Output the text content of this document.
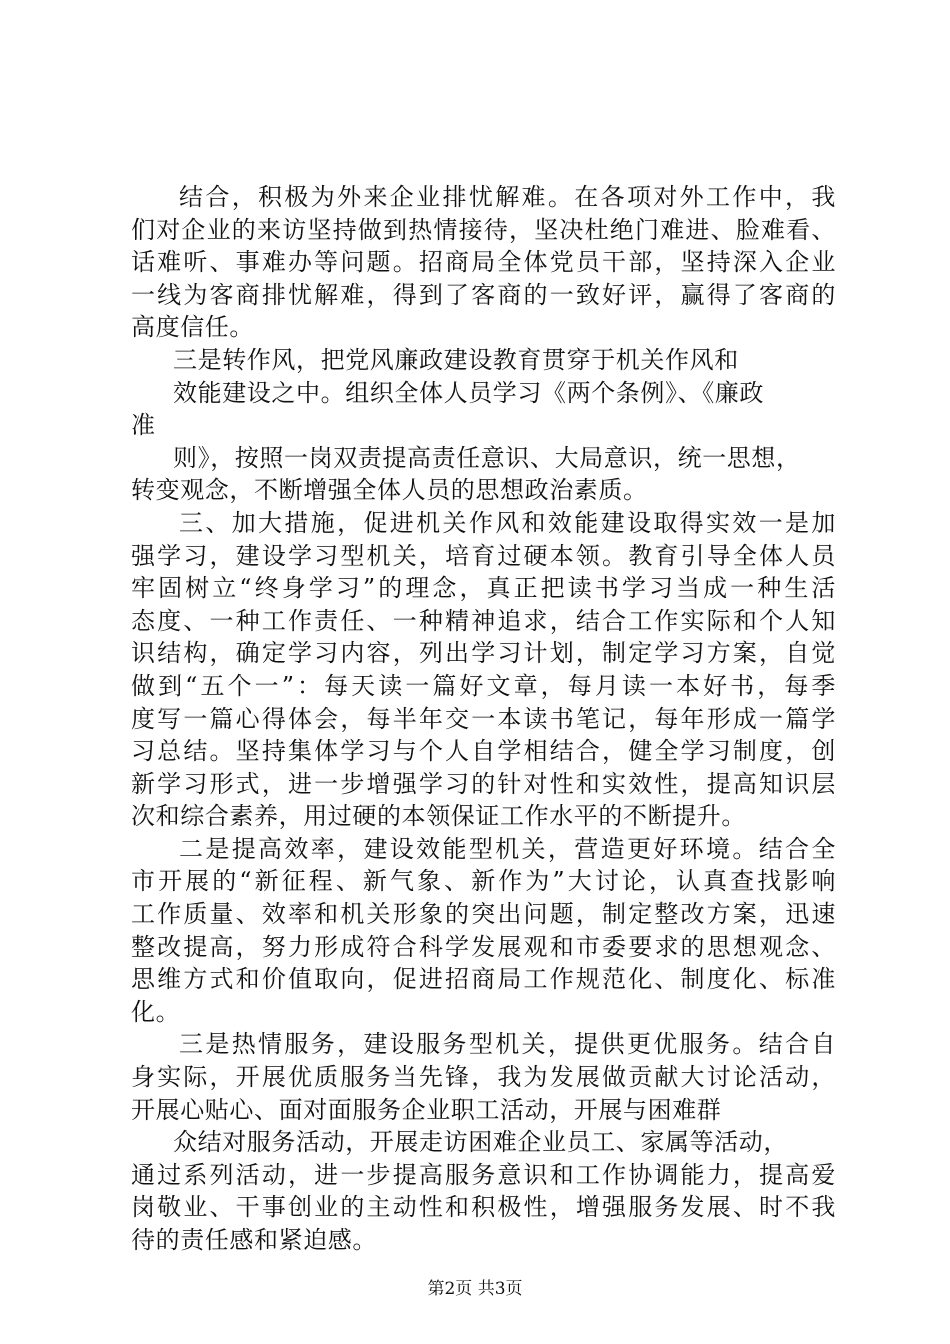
结合，积极为外来企业排忧解难。在各项对外工作中，我
们对企业的来访坚持做到热情接待，坚决杜绝门难进、脸难看、
话难听、事难办等问题。招商局全体党员干部，坚持深入企业
一线为客商排忧解难，得到了客商的一致好评，赢得了客商的
高度信任。
三是转作风，把党风廉政建设教育贯穿于机关作风和
效能建设之中。组织全体人员学习《两个条例》、《廉政
准
则》，按照一岗双责提高责任意识、大局意识，统一思想，
转变观念，不断增强全体人员的思想政治素质。
三、加大措施，促进机关作风和效能建设取得实效一是加
强学习，建设学习型机关，培育过硬本领。教育引导全体人员
牢固树立“终身学习”的理念，真正把读书学习当成一种生活
态度、一种工作责任、一种精神追求，结合工作实际和个人知
识结构，确定学习内容，列出学习计划，制定学习方案，自觉
做到“五个一”：每天读一篇好文章，每月读一本好书，每季
度写一篇心得体会，每半年交一本读书笔记，每年形成一篇学
习总结。坚持集体学习与个人自学相结合，健全学习制度，创
新学习形式，进一步增强学习的针对性和实效性，提高知识层
次和综合素养，用过硬的本领保证工作水平的不断提升。
二是提高效率，建设效能型机关，营造更好环境。结合全
市开展的“新征程、新气象、新作为”大讨论，认真查找影响
工作质量、效率和机关形象的突出问题，制定整改方案，迅速
整改提高，努力形成符合科学发展观和市委要求的思想观念、
思维方式和价值取向，促进招商局工作规范化、制度化、标准
化。
三是热情服务，建设服务型机关，提供更优服务。结合自
身实际，开展优质服务当先锋，我为发展做贡献大讨论活动，
开展心贴心、面对面服务企业职工活动，开展与困难群
众结对服务活动，开展走访困难企业员工、家属等活动，
通过系列活动，进一步提高服务意识和工作协调能力，提高爱
岗敬业、干事创业的主动性和积极性，增强服务发展、时不我
待的责任感和紧迫感。
第2页 共3页
